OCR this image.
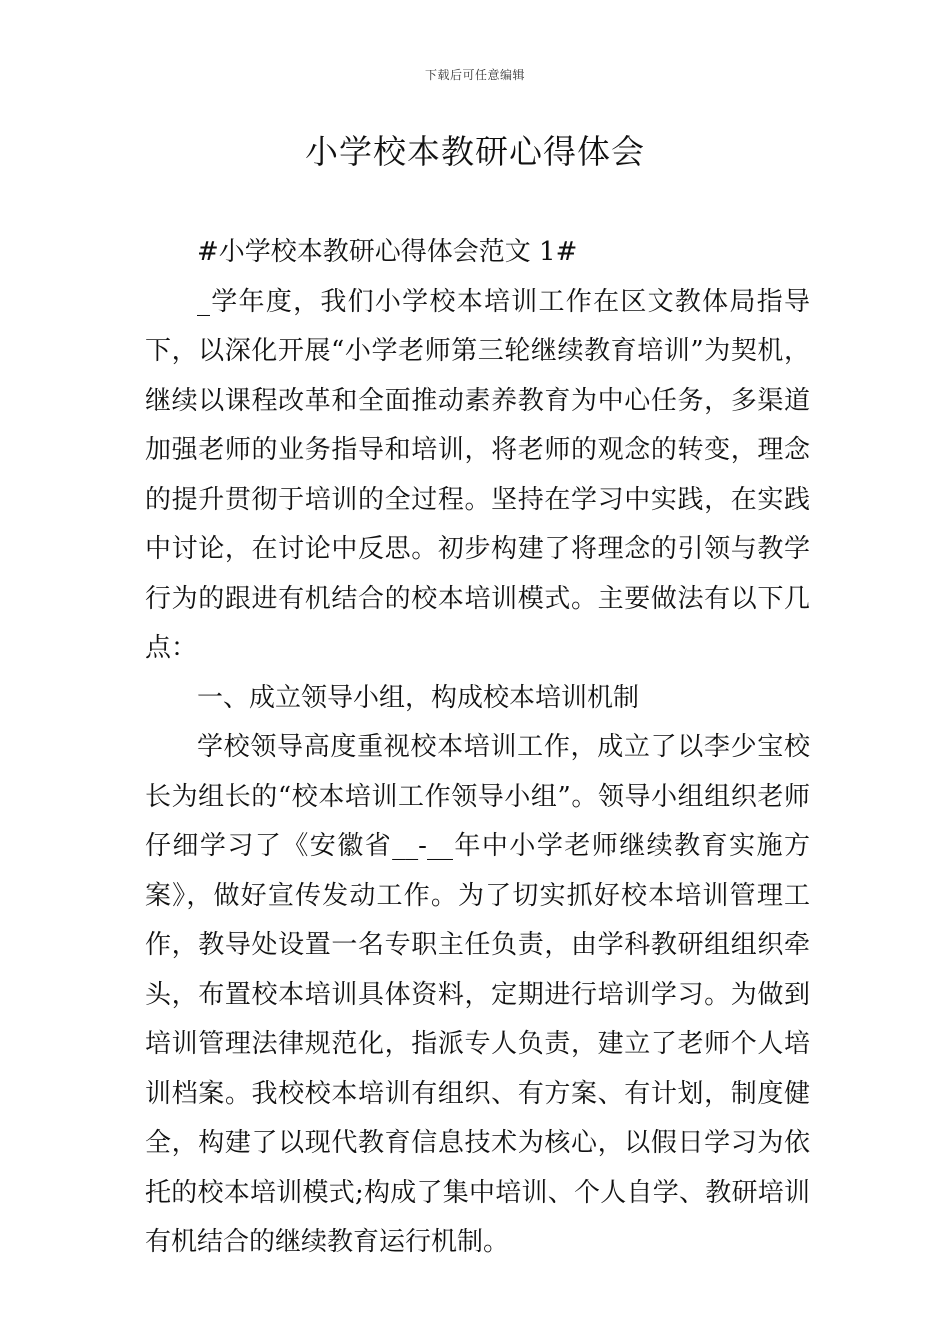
下载后可任意编辑
小学校本教研心得体会

#小学校本教研心得体会范文 1#

_学年度，我们小学校本培训工作在区文教体局指导下，以深化开展“小学老师第三轮继续教育培训”为契机，继续以课程改革和全面推动素养教育为中心任务，多渠道加强老师的业务指导和培训，将老师的观念的转变，理念的提升贯彻于培训的全过程。坚持在学习中实践，在实践中讨论，在讨论中反思。初步构建了将理念的引领与教学行为的跟进有机结合的校本培训模式。主要做法有以下几点：

一、成立领导小组，构成校本培训机制

学校领导高度重视校本培训工作，成立了以李少宝校长为组长的“校本培训工作领导小组”。领导小组组织老师仔细学习了《安徽省__-__年中小学老师继续教育实施方案》，做好宣传发动工作。为了切实抓好校本培训管理工作，教导处设置一名专职主任负责，由学科教研组组织牵头，布置校本培训具体资料，定期进行培训学习。为做到培训管理法律规范化，指派专人负责，建立了老师个人培训档案。我校校本培训有组织、有方案、有计划，制度健全，构建了以现代教育信息技术为核心，以假日学习为依托的校本培训模式;构成了集中培训、个人自学、教研培训有机结合的继续教育运行机制。
